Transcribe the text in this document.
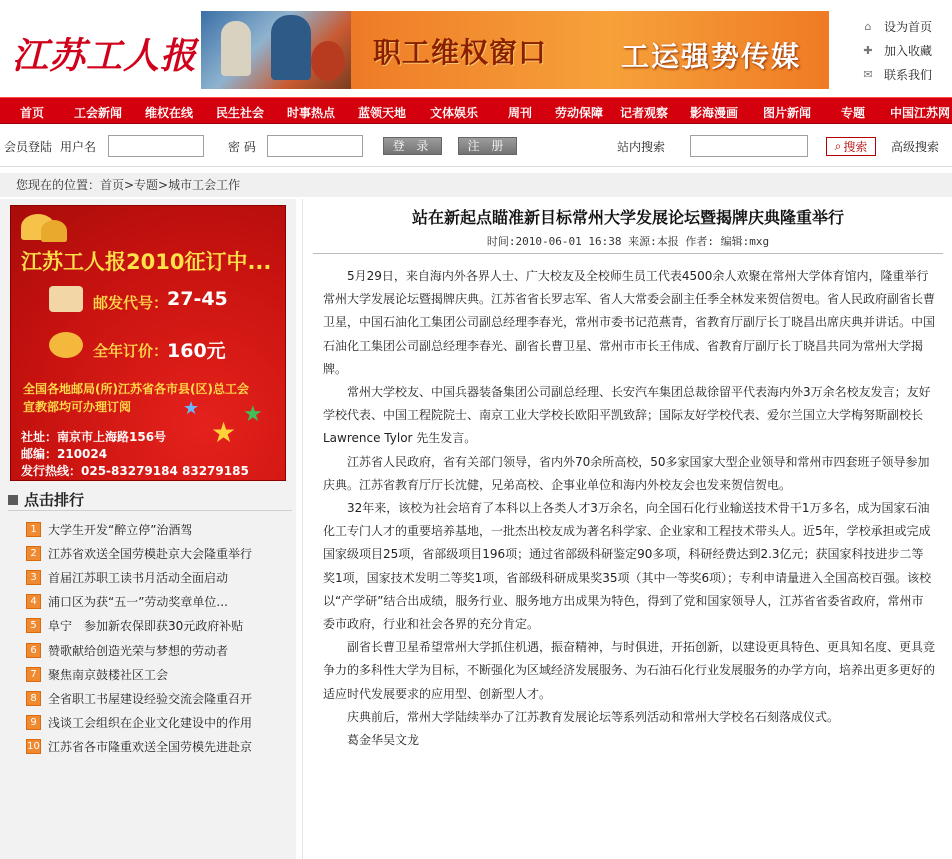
江苏工人报	职工维权窗口	工运强势传媒
⌂	设为首页
✚ 加入收藏
✉ 联系我们
首页 工会新闻 维权在线 民生社会 时事热点 蓝领天地 文体娱乐 周刊 劳动保障 记者观察 影海漫画 图片新闻 专题 中国江苏网
会员登陆 用户名	密 码	登 录	注 册	站内搜索	⌕ 搜索 高级搜索
您现在的位置：首页>专题>城市工会工作
江苏工人报2010征订中...
邮发代号：
27-45
全年订价：
160元
全国各地邮局(所)江苏省各市县(区)总工会
宣教部均可办理订阅
社址：南京市上海路156号
邮编：210024
发行热线：025-83279184 83279185
★
★
★
点击排行
1 大学生开发“醉立停”治酒驾
2 江苏省欢送全国劳模赴京大会隆重举行
3 首届江苏职工读书月活动全面启动
4 浦口区为获“五一”劳动奖章单位...
5 阜宁　参加新农保即获30元政府补贴
6 赞歌献给创造光荣与梦想的劳动者
7 聚焦南京鼓楼社区工会
8 全省职工书屋建设经验交流会隆重召开
9 浅谈工会组织在企业文化建设中的作用
10 江苏省各市隆重欢送全国劳模先进赴京
站在新起点瞄准新目标常州大学发展论坛暨揭牌庆典隆重举行
时间:2010-06-01 16:38 来源:本报 作者: 编辑:mxg

5月29日，来自海内外各界人士、广大校友及全校师生员工代表4500余人欢聚在常州大学体育馆内，隆重举行常州大学发展论坛暨揭牌庆典。江苏省省长罗志军、省人大常委会副主任季全林发来贺信贺电。省人民政府副省长曹卫星，中国石油化工集团公司副总经理李春光，常州市委书记范燕青，省教育厅副厅长丁晓昌出席庆典并讲话。中国石油化工集团公司副总经理李春光、副省长曹卫星、常州市市长王伟成、省教育厅副厅长丁晓昌共同为常州大学揭牌。

常州大学校友、中国兵器装备集团公司副总经理、长安汽车集团总裁徐留平代表海内外3万余名校友发言；友好学校代表、中国工程院院士、南京工业大学校长欧阳平凯致辞；国际友好学校代表、爱尔兰国立大学梅努斯副校长Lawrence Tylor 先生发言。

江苏省人民政府，省有关部门领导，省内外70余所高校，50多家国家大型企业领导和常州市四套班子领导参加庆典。江苏省教育厅厅长沈健，兄弟高校、企事业单位和海内外校友会也发来贺信贺电。

32年来，该校为社会培育了本科以上各类人才3万余名，向全国石化行业输送技术骨干1万多名，成为国家石油化工专门人才的重要培养基地，一批杰出校友成为著名科学家、企业家和工程技术带头人。近5年，学校承担或完成国家级项目25项，省部级项目196项；通过省部级科研鉴定90多项，科研经费达到2.3亿元；获国家科技进步二等奖1项，国家技术发明二等奖1项，省部级科研成果奖35项（其中一等奖6项）；专利申请量进入全国高校百强。该校以“产学研”结合出成绩，服务行业、服务地方出成果为特色，得到了党和国家领导人，江苏省省委省政府，常州市委市政府，行业和社会各界的充分肯定。

副省长曹卫星希望常州大学抓住机遇，振奋精神，与时俱进，开拓创新，以建设更具特色、更具知名度、更具竞争力的多科性大学为目标，不断强化为区域经济发展服务、为石油石化行业发展服务的办学方向，培养出更多更好的适应时代发展要求的应用型、创新型人才。

庆典前后，常州大学陆续举办了江苏教育发展论坛等系列活动和常州大学校名石刻落成仪式。

葛金华吴文龙
